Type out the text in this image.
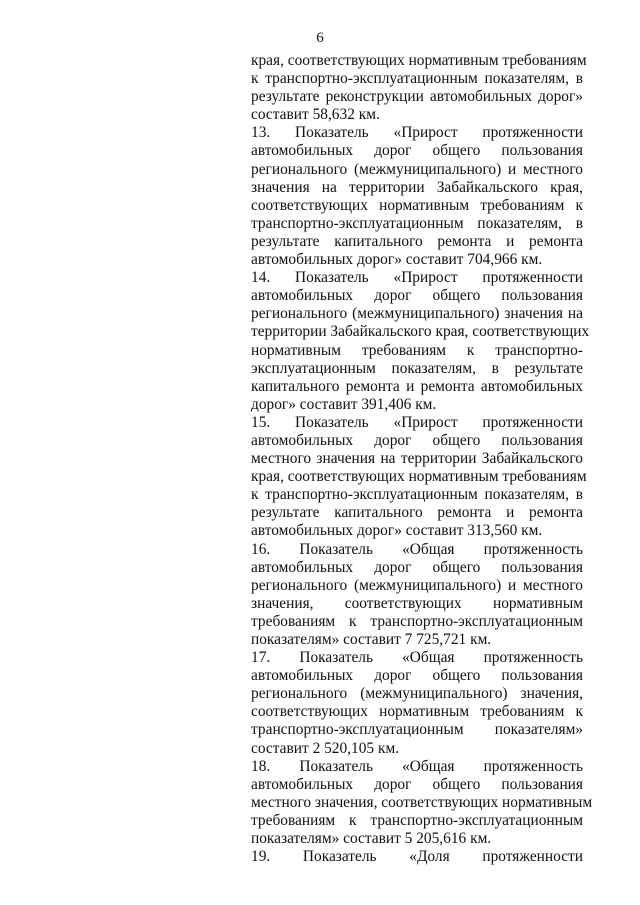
6

края, соответствующих нормативным требованиям
к транспортно-эксплуатационным показателям, в
результате реконструкции автомобильных дорог»
составит 58,632 км.

13. Показатель «Прирост протяженности
автомобильных дорог общего пользования
регионального (межмуниципального) и местного
значения на территории Забайкальского края,
соответствующих нормативным требованиям к
транспортно-эксплуатационным показателям, в
результате капитального ремонта и ремонта
автомобильных дорог» составит 704,966 км.

14. Показатель «Прирост протяженности
автомобильных дорог общего пользования
регионального (межмуниципального) значения на
территории Забайкальского края, соответствующих
нормативным требованиям к транспортно-
эксплуатационным показателям, в результате
капитального ремонта и ремонта автомобильных
дорог» составит 391,406 км.

15. Показатель «Прирост протяженности
автомобильных дорог общего пользования
местного значения на территории Забайкальского
края, соответствующих нормативным требованиям
к транспортно-эксплуатационным показателям, в
результате капитального ремонта и ремонта
автомобильных дорог» составит 313,560 км.

16. Показатель «Общая протяженность
автомобильных дорог общего пользования
регионального (межмуниципального) и местного
значения, соответствующих нормативным
требованиям к транспортно-эксплуатационным
показателям» составит 7 725,721 км.

17. Показатель «Общая протяженность
автомобильных дорог общего пользования
регионального (межмуниципального) значения,
соответствующих нормативным требованиям к
транспортно-эксплуатационным показателям»
составит 2 520,105 км.

18. Показатель «Общая протяженность
автомобильных дорог общего пользования
местного значения, соответствующих нормативным
требованиям к транспортно-эксплуатационным
показателям» составит 5 205,616 км.

19. Показатель «Доля протяженности
